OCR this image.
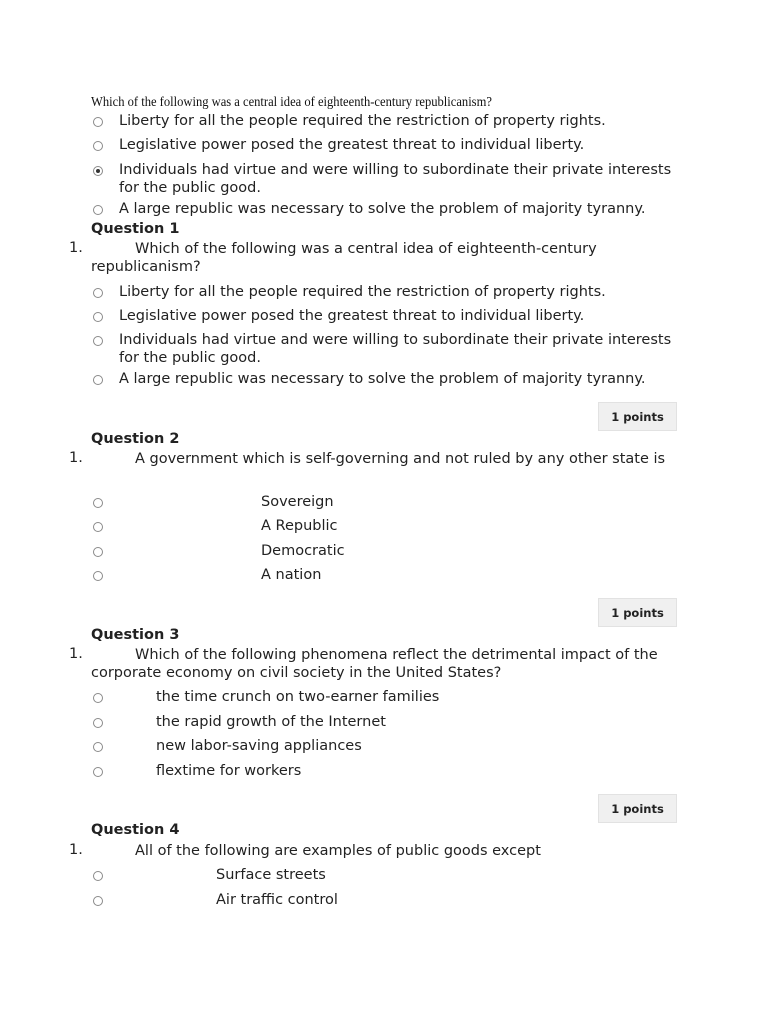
Which of the following was a central idea of eighteenth-century republicanism?
Liberty for all the people required the restriction of property rights.
Legislative power posed the greatest threat to individual liberty.
Individuals had virtue and were willing to subordinate their private interests for the public good.
A large republic was necessary to solve the problem of majority tyranny.
Question 1
1.	Which of the following was a central idea of eighteenth-century republicanism?
Liberty for all the people required the restriction of property rights.
Legislative power posed the greatest threat to individual liberty.
Individuals had virtue and were willing to subordinate their private interests for the public good.
A large republic was necessary to solve the problem of majority tyranny.
1 points
Question 2
1.	A government which is self-governing and not ruled by any other state is
Sovereign
A Republic
Democratic
A nation
1 points
Question 3
1.	Which of the following phenomena reflect the detrimental impact of the corporate economy on civil society in the United States?
the time crunch on two-earner families
the rapid growth of the Internet
new labor-saving appliances
flextime for workers
1 points
Question 4
1.	All of the following are examples of public goods except
Surface streets
Air traffic control
